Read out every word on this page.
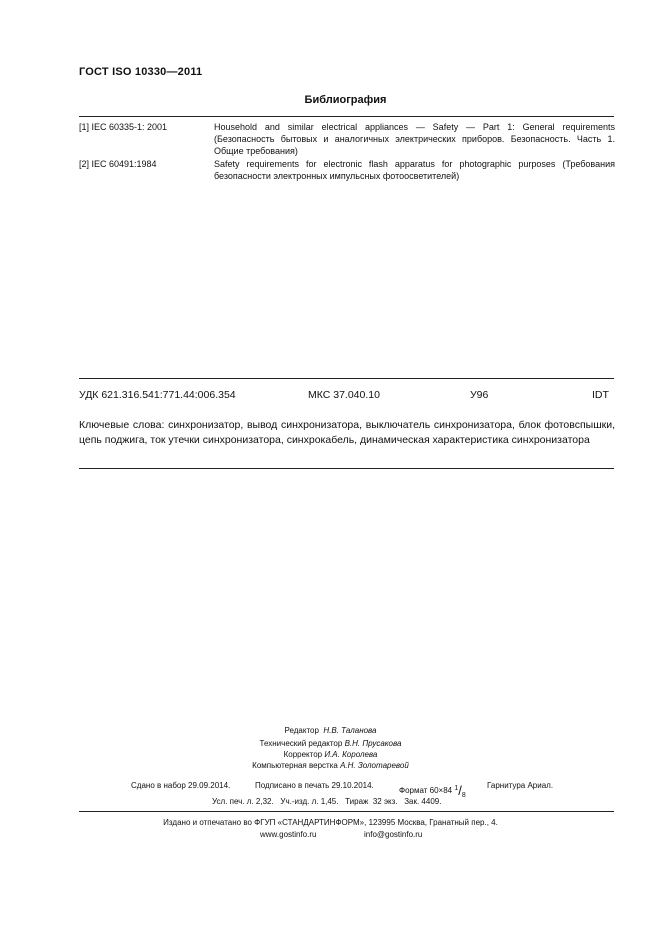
ГОСТ ISO 10330—2011
Библиография
[1] IEC 60335-1: 2001	Household and similar electrical appliances — Safety — Part 1: General requirements (Безопасность бытовых и аналогичных электрических приборов. Безопасность. Часть 1. Общие требования)
[2] IEC 60491:1984	Safety requirements for electronic flash apparatus for photographic purposes (Требования безопасности электронных импульсных фотоосветителей)
УДК 621.316.541:771.44:006.354	МКС 37.040.10	У96	IDT
Ключевые слова: синхронизатор, вывод синхронизатора, выключатель синхронизатора, блок фотовспышки, цепь поджига, ток утечки синхронизатора, синхрокабель, динамическая характеристика синхронизатора
Редактор Н.В. Таланова
Технический редактор В.Н. Прусакова
Корректор И.А. Королева
Компьютерная верстка А.Н. Золотаревой
Сдано в набор 29.09.2014.	Подписано в печать 29.10.2014.
Формат 60×84 1/8
Гарнитура Ариал.
Усл. печ. л. 2,32.   Уч.-изд. л. 1,45.   Тираж  32 экз.   Зак. 4409.
Издано и отпечатано во ФГУП «СТАНДАРТИНФОРМ», 123995 Москва, Гранатный пер., 4.
www.gostinfo.ru	info@gostinfo.ru
